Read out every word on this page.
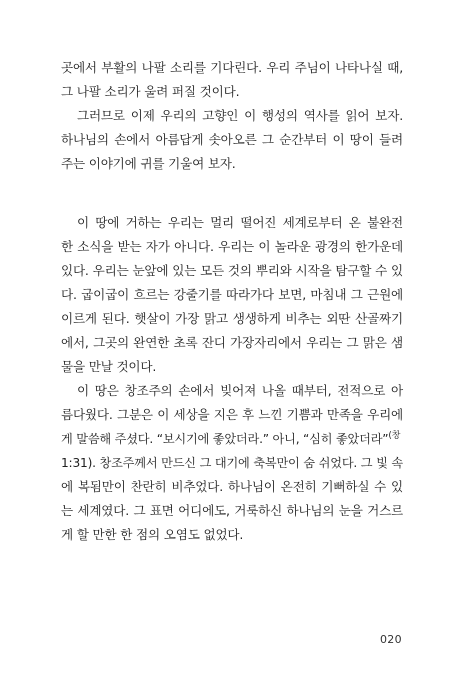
곳에서 부활의 나팔 소리를 기다린다. 우리 주님이 나타나실 때,
그 나팔 소리가 울려 퍼질 것이다.
그러므로 이제 우리의 고향인 이 행성의 역사를 읽어 보자.
하나님의 손에서 아름답게 솟아오른 그 순간부터 이 땅이 들려
주는 이야기에 귀를 기울여 보자.
이 땅에 거하는 우리는 멀리 떨어진 세계로부터 온 불완전
한 소식을 받는 자가 아니다. 우리는 이 놀라운 광경의 한가운데
있다. 우리는 눈앞에 있는 모든 것의 뿌리와 시작을 탐구할 수 있
다. 굽이굽이 흐르는 강줄기를 따라가다 보면, 마침내 그 근원에
이르게 된다. 햇살이 가장 맑고 생생하게 비추는 외딴 산골짜기
에서, 그곳의 완연한 초록 잔디 가장자리에서 우리는 그 맑은 샘
물을 만날 것이다.
이 땅은 창조주의 손에서 빚어져 나올 때부터, 전적으로 아
름다웠다. 그분은 이 세상을 지은 후 느낀 기쁨과 만족을 우리에
게 말씀해 주셨다. “보시기에 좋았더라.” 아니, “심히 좋았더라”$^{(창}$
1:31). 창조주께서 만드신 그 대기에 축복만이 숨 쉬었다. 그 빛 속
에 복됨만이 찬란히 비추었다. 하나님이 온전히 기뻐하실 수 있
는 세계였다. 그 표면 어디에도, 거룩하신 하나님의 눈을 거스르
게 할 만한 한 점의 오염도 없었다.
020
